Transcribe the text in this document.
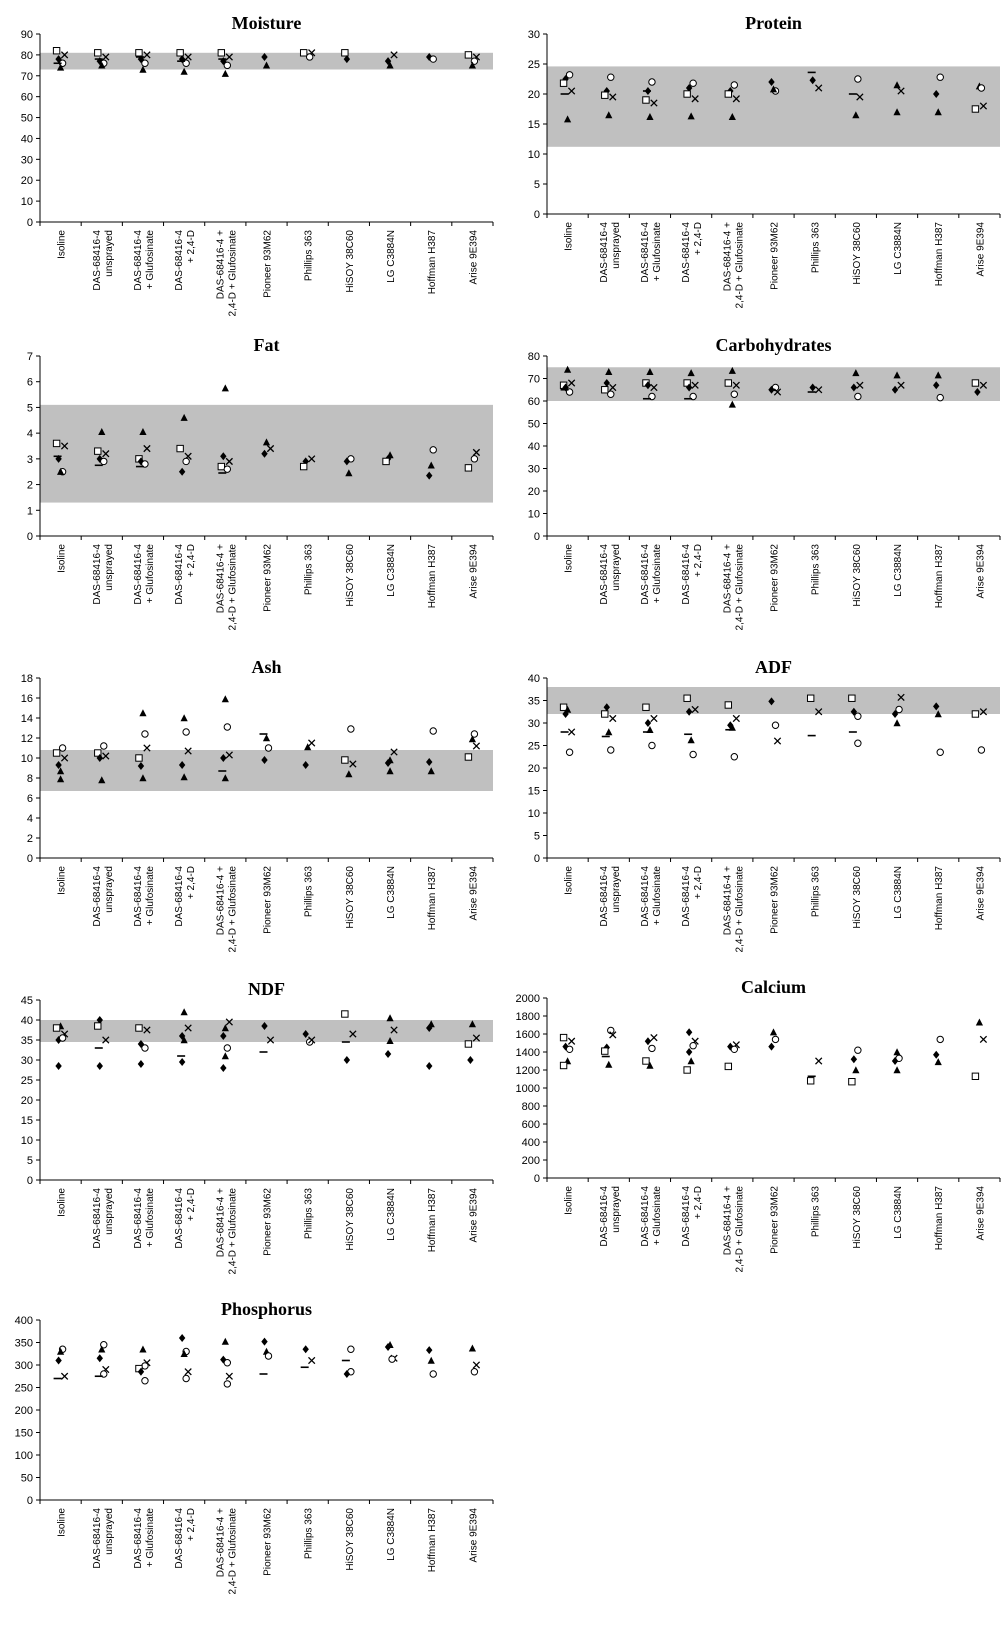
Moisture
0
10
20
30
40
50
60
70
80
90
Isoline DAS-68416-4 unsprayed DAS-68416-4 + Glufosinate DAS-68416-4 + 2,4-D DAS-68416-4 + 2,4-D + Glufosinate Pioneer 93M62	Phillips 363	HiSOY 38C60	LG C3884N	Hoffman H387	Arise 9E394
Protein
0
5
10
15
20
25
30
Isoline DAS-68416-4 unsprayed DAS-68416-4 + Glufosinate DAS-68416-4 + 2,4-D DAS-68416-4 + 2,4-D + Glufosinate Pioneer 93M62	Phillips 363	HiSOY 38C60	LG C3884N	Hoffman H387	Arise 9E394
Fat
0
1
2
3
4
5
6
7
Isoline DAS-68416-4 unsprayed DAS-68416-4 + Glufosinate DAS-68416-4 + 2,4-D DAS-68416-4 + 2,4-D + Glufosinate Pioneer 93M62	Phillips 363	HiSOY 38C60	LG C3884N	Hoffman H387	Arise 9E394
Carbohydrates
0
10
20
30
40
50
60
70
80
Isoline DAS-68416-4 unsprayed DAS-68416-4 + Glufosinate DAS-68416-4 + 2,4-D DAS-68416-4 + 2,4-D + Glufosinate Pioneer 93M62	Phillips 363	HiSOY 38C60	LG C3884N	Hoffman H387	Arise 9E394
Ash
0
2
4
6
8
10
12
14
16
18
Isoline DAS-68416-4 unsprayed DAS-68416-4 + Glufosinate DAS-68416-4 + 2,4-D DAS-68416-4 + 2,4-D + Glufosinate Pioneer 93M62	Phillips 363	HiSOY 38C60	LG C3884N	Hoffman H387	Arise 9E394
ADF
0
5
10
15
20
25
30
35
40
Isoline DAS-68416-4 unsprayed DAS-68416-4 + Glufosinate DAS-68416-4 + 2,4-D DAS-68416-4 + 2,4-D + Glufosinate Pioneer 93M62	Phillips 363	HiSOY 38C60	LG C3884N	Hoffman H387	Arise 9E394
NDF
0
5
10
15
20
25
30
35
40
45
Isoline DAS-68416-4 unsprayed DAS-68416-4 + Glufosinate DAS-68416-4 + 2,4-D DAS-68416-4 + 2,4-D + Glufosinate Pioneer 93M62	Phillips 363	HiSOY 38C60	LG C3884N	Hoffman H387	Arise 9E394
Calcium
0
200
400
600
800
1000
1200
1400
1600
1800
2000
Isoline DAS-68416-4 unsprayed DAS-68416-4 + Glufosinate DAS-68416-4 + 2,4-D DAS-68416-4 + 2,4-D + Glufosinate Pioneer 93M62	Phillips 363	HiSOY 38C60	LG C3884N	Hoffman H387	Arise 9E394
Phosphorus
0
50
100
150
200
250
300
350
400
Isoline DAS-68416-4 unsprayed DAS-68416-4 + Glufosinate DAS-68416-4 + 2,4-D DAS-68416-4 + 2,4-D + Glufosinate Pioneer 93M62	Phillips 363	HiSOY 38C60	LG C3884N	Hoffman H387	Arise 9E394
